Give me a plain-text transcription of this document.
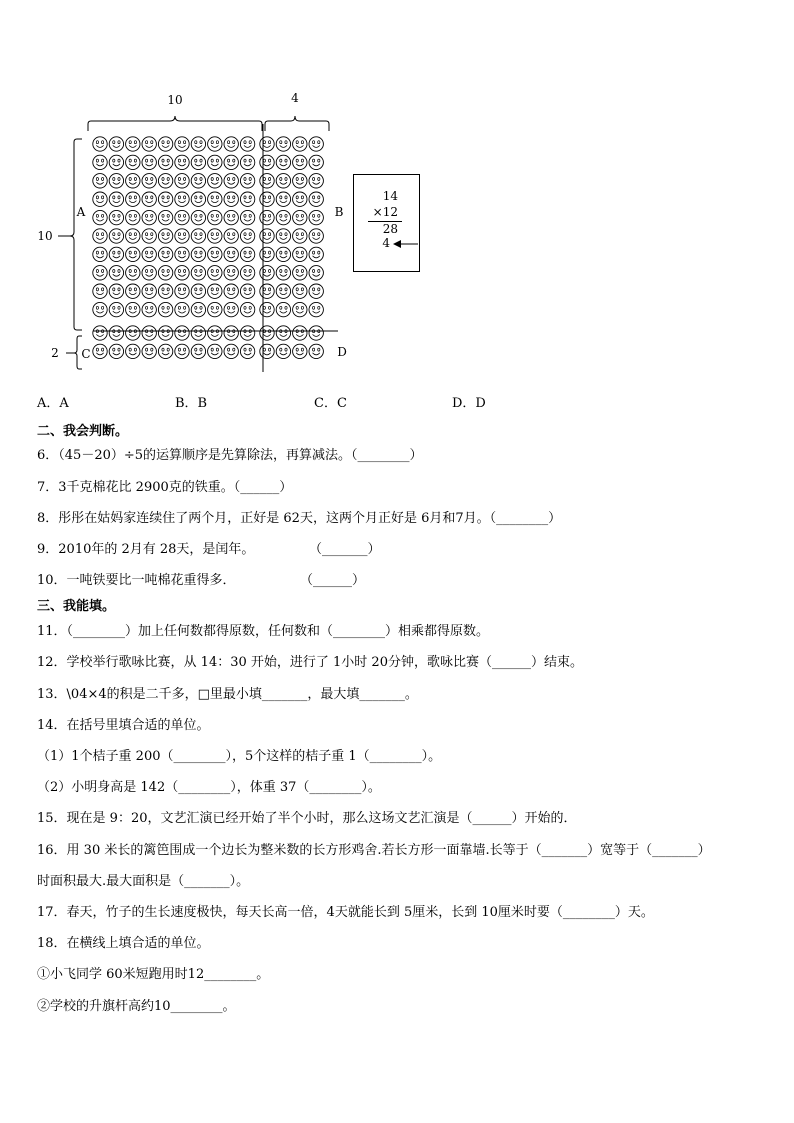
10	4
10
2
A	B
C	D
14
×12
28
4
A．A	B．B	C．C	D．D
二、我会判断。
6．（45－20）÷5的运算顺序是先算除法，再算减法。（________）
7．3千克棉花比 2900克的铁重。（______）
8．彤彤在姑妈家连续住了两个月，正好是 62天，这两个月正好是 6月和7月。（________）
9．2010年的 2月有 28天，是闰年。	（_______）
10．一吨铁要比一吨棉花重得多．	（______）
三、我能填。
11．（________）加上任何数都得原数，任何数和（________）相乘都得原数。
12．学校举行歌咏比赛，从 14：30 开始，进行了 1小时 20分钟，歌咏比赛（______）结束。
13．\04×4的积是二千多，□里最小填_______，最大填_______。
14．在括号里填合适的单位。
（1）1个桔子重 200（________），5个这样的桔子重 1（________）。
（2）小明身高是 142（________），体重 37（________）。
15．现在是 9：20，文艺汇演已经开始了半个小时，那么这场文艺汇演是（______）开始的．
16．用 30 米长的篱笆围成一个边长为整米数的长方形鸡舍.若长方形一面靠墙.长等于（_______）宽等于（_______）
时面积最大.最大面积是（_______）。
17．春天，竹子的生长速度极快，每天长高一倍，4天就能长到 5厘米，长到 10厘米时要（________）天。
18．在横线上填合适的单位。
①小飞同学 60米短跑用时12________。
②学校的升旗杆高约10________。
